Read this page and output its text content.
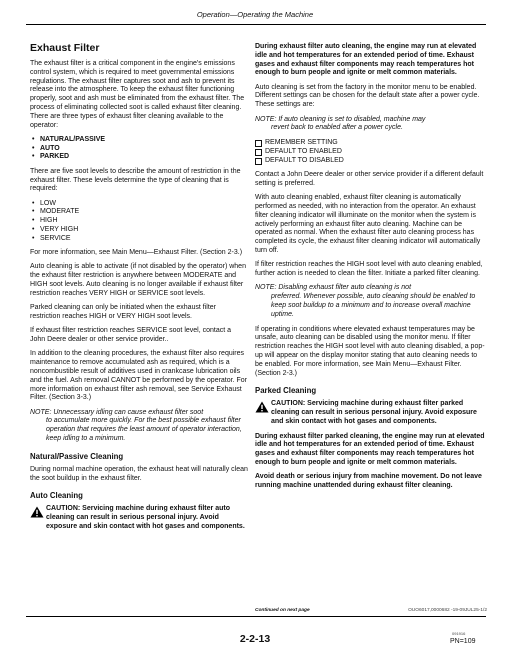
Operation—Operating the Machine
Exhaust Filter

The exhaust filter is a critical component in the engine's emissions control system, which is required to meet governmental emissions regulations. The exhaust filter captures soot and ash to prevent its release into the atmosphere. To keep the exhaust filter functioning properly, soot and ash must be eliminated from the exhaust filter. The process of eliminating collected soot is called exhaust filter cleaning. There are three types of exhaust filter cleaning available to the operator:

• NATURAL/PASSIVE
• AUTO
• PARKED

There are five soot levels to describe the amount of restriction in the exhaust filter. These levels determine the type of cleaning that is required:

• LOW
• MODERATE
• HIGH
• VERY HIGH
• SERVICE

For more information, see Main Menu—Exhaust Filter. (Section 2-3.)

Auto cleaning is able to activate (if not disabled by the operator) when the exhaust filter restriction is anywhere between MODERATE and HIGH soot levels. Auto cleaning is no longer available if exhaust filter restriction reaches VERY HIGH or SERVICE soot levels.

Parked cleaning can only be initiated when the exhaust filter restriction reaches HIGH or VERY HIGH soot levels.

If exhaust filter restriction reaches SERVICE soot level, contact a John Deere dealer or other service provider..

In addition to the cleaning procedures, the exhaust filter also requires maintenance to remove accumulated ash as required, which is a noncombustible result of additives used in crankcase lubrication oils and the fuel. Ash removal CANNOT be performed by the operator. For more information on exhaust filter ash removal, see Service Exhaust Filter. (Section 3-3.)

NOTE: Unnecessary idling can cause exhaust filter soot

to accumulate more quickly. For the best possible exhaust filter operation that requires the least amount of operator interaction, keep idling to a minimum.

Natural/Passive Cleaning

During normal machine operation, the exhaust heat will naturally clean the soot buildup in the exhaust filter.

Auto Cleaning
CAUTION: Servicing machine during exhaust filter auto cleaning can result in serious personal injury. Avoid exposure and skin contact with hot gases and components.

During exhaust filter auto cleaning, the engine may run at elevated idle and hot temperatures for an extended period of time. Exhaust gases and exhaust filter components may reach temperatures hot enough to burn people and ignite or melt common materials.

Auto cleaning is set from the factory in the monitor menu to be enabled. Different settings can be chosen for the default state after a power cycle. These settings are:

NOTE: If auto cleaning is set to disabled, machine may

revert back to enabled after a power cycle.

REMEMBER SETTING
DEFAULT TO ENABLED
DEFAULT TO DISABLED

Contact a John Deere dealer or other service provider if a different default setting is preferred.

With auto cleaning enabled, exhaust filter cleaning is automatically performed as needed, with no interaction from the operator. An exhaust filter cleaning indicator will illuminate on the monitor when the system is actively performing an exhaust filter auto cleaning. Machine can be operated as normal. When the exhaust filter auto cleaning process has completed its cycle, the exhaust filter cleaning indicator will automatically turn off.

If filter restriction reaches the HIGH soot level with auto cleaning enabled, further action is needed to clean the filter. Initiate a parked filter cleaning.

NOTE: Disabling exhaust filter auto cleaning is not

preferred. Whenever possible, auto cleaning should be enabled to keep soot buildup to a minimum and to increase overall machine uptime.

If operating in conditions where elevated exhaust temperatures may be unsafe, auto cleaning can be disabled using the monitor menu. If filter restriction reaches the HIGH soot level with auto cleaning disabled, a pop-up will appear on the display monitor stating that auto cleaning needs to be enabled. For more information, see Main Menu—Exhaust Filter. (Section 2-3.)

Parked Cleaning
CAUTION: Servicing machine during exhaust filter parked cleaning can result in serious personal injury. Avoid exposure and skin contact with hot gases and components.

During exhaust filter parked cleaning, the engine may run at elevated idle and hot temperatures for an extended period of time. Exhaust gases and exhaust filter components may reach temperatures hot enough to burn people and ignite or melt common materials.

Avoid death or serious injury from machine movement. Do not leave running machine unattended during exhaust filter cleaning.

Continued on next page	OUO6017,0000682 -19-09JUL25-1/2
2-2-13	091916
PN=109
